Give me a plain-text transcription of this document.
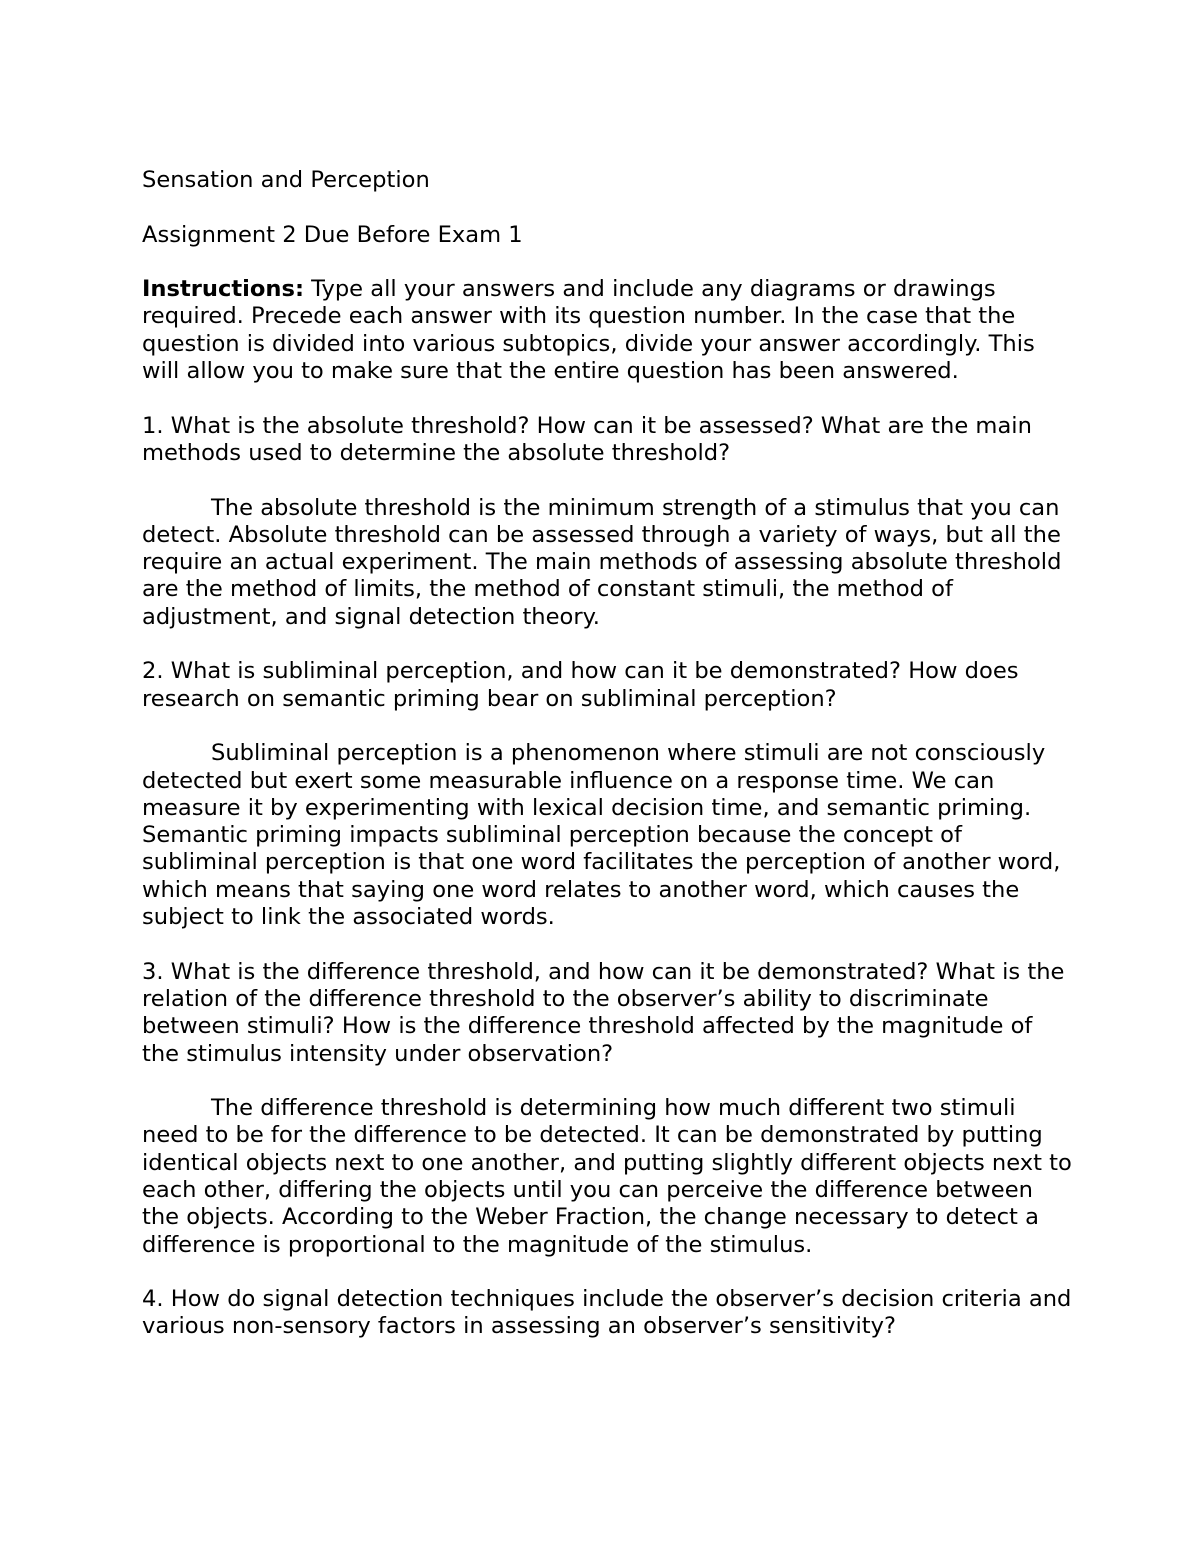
Sensation and Perception

Assignment 2 Due Before Exam 1

Instructions: Type all your answers and include any diagrams or drawings required. Precede each answer with its question number. In the case that the question is divided into various subtopics, divide your answer accordingly. This will allow you to make sure that the entire question has been answered.

1. What is the absolute threshold? How can it be assessed? What are the main methods used to determine the absolute threshold?

The absolute threshold is the minimum strength of a stimulus that you can detect. Absolute threshold can be assessed through a variety of ways, but all the require an actual experiment. The main methods of assessing absolute threshold are the method of limits, the method of constant stimuli, the method of adjustment, and signal detection theory.

2. What is subliminal perception, and how can it be demonstrated? How does research on semantic priming bear on subliminal perception?

Subliminal perception is a phenomenon where stimuli are not consciously detected but exert some measurable influence on a response time. We can measure it by experimenting with lexical decision time, and semantic priming. Semantic priming impacts subliminal perception because the concept of subliminal perception is that one word facilitates the perception of another word, which means that saying one word relates to another word, which causes the subject to link the associated words.

3. What is the difference threshold, and how can it be demonstrated? What is the relation of the difference threshold to the observer’s ability to discriminate between stimuli? How is the difference threshold affected by the magnitude of the stimulus intensity under observation?

The difference threshold is determining how much different two stimuli need to be for the difference to be detected. It can be demonstrated by putting identical objects next to one another, and putting slightly different objects next to each other, differing the objects until you can perceive the difference between the objects. According to the Weber Fraction, the change necessary to detect a difference is proportional to the magnitude of the stimulus.

4. How do signal detection techniques include the observer’s decision criteria and various non-sensory factors in assessing an observer’s sensitivity?
